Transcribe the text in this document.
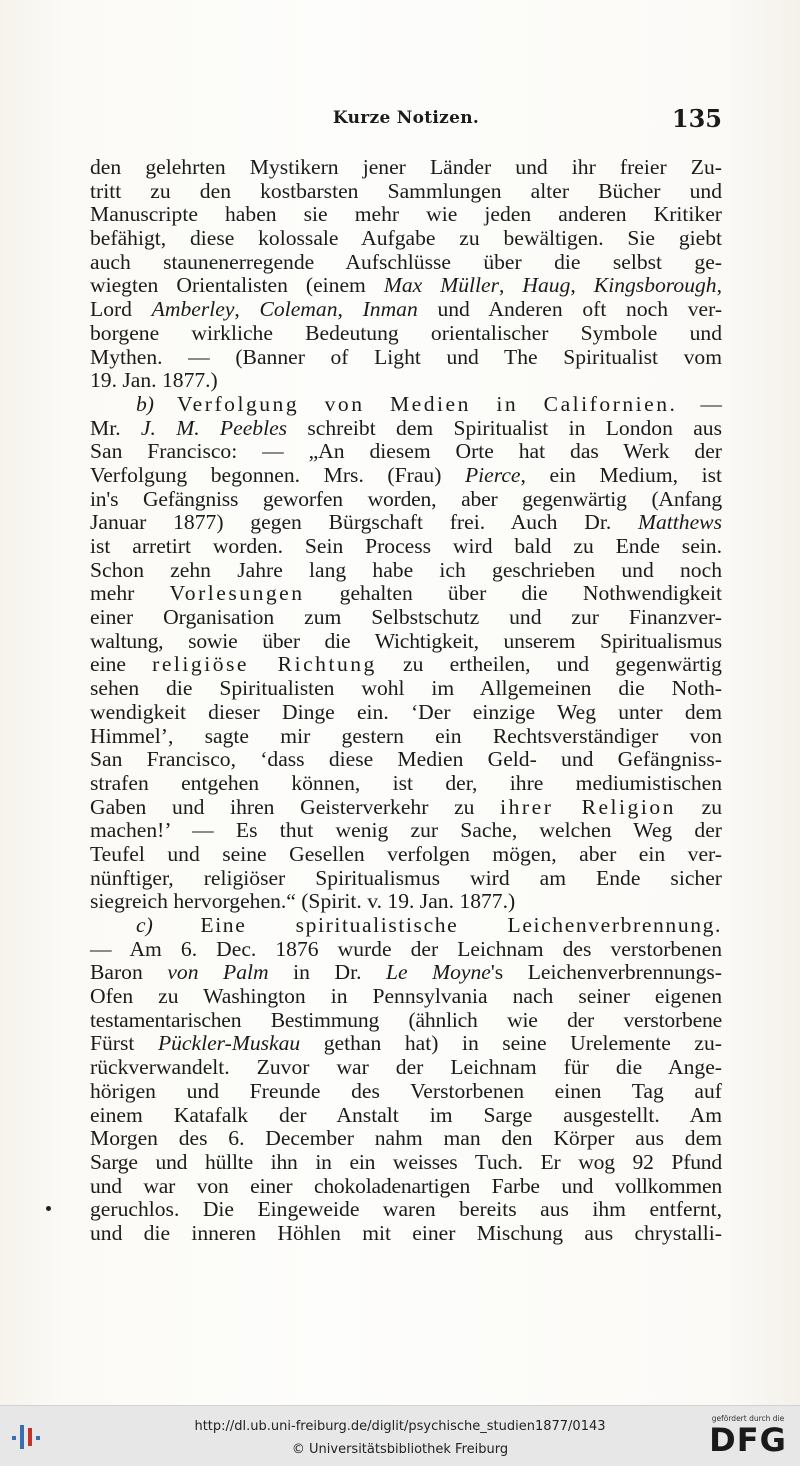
Kurze Notizen.	135
den gelehrten Mystikern jener Länder und ihr freier Zu-
tritt zu den kostbarsten Sammlungen alter Bücher und
Manuscripte haben sie mehr wie jeden anderen Kritiker
befähigt, diese kolossale Aufgabe zu bewältigen. Sie giebt
auch staunenerregende Aufschlüsse über die selbst ge-
wiegten Orientalisten (einem Max Müller, Haug, Kingsborough,
Lord Amberley, Coleman, Inman und Anderen oft noch ver-
borgene wirkliche Bedeutung orientalischer Symbole und
Mythen. — (Banner of Light und The Spiritualist vom
19. Jan. 1877.)
b) Verfolgung von Medien in Californien. —
Mr. J. M. Peebles schreibt dem Spiritualist in London aus
San Francisco: — „An diesem Orte hat das Werk der
Verfolgung begonnen. Mrs. (Frau) Pierce, ein Medium, ist
in's Gefängniss geworfen worden, aber gegenwärtig (Anfang
Januar 1877) gegen Bürgschaft frei. Auch Dr. Matthews
ist arretirt worden. Sein Process wird bald zu Ende sein.
Schon zehn Jahre lang habe ich geschrieben und noch
mehr Vorlesungen gehalten über die Nothwendigkeit
einer Organisation zum Selbstschutz und zur Finanzver-
waltung, sowie über die Wichtigkeit, unserem Spiritualismus
eine religiöse Richtung zu ertheilen, und gegenwärtig
sehen die Spiritualisten wohl im Allgemeinen die Noth-
wendigkeit dieser Dinge ein. ‘Der einzige Weg unter dem
Himmel’, sagte mir gestern ein Rechtsverständiger von
San Francisco, ‘dass diese Medien Geld- und Gefängniss-
strafen entgehen können, ist der, ihre mediumistischen
Gaben und ihren Geisterverkehr zu ihrer Religion zu
machen!’ — Es thut wenig zur Sache, welchen Weg der
Teufel und seine Gesellen verfolgen mögen, aber ein ver-
nünftiger, religiöser Spiritualismus wird am Ende sicher
siegreich hervorgehen.“ (Spirit. v. 19. Jan. 1877.)
c) Eine spiritualistische Leichenverbrennung.
— Am 6. Dec. 1876 wurde der Leichnam des verstorbenen
Baron von Palm in Dr. Le Moyne's Leichenverbrennungs-
Ofen zu Washington in Pennsylvania nach seiner eigenen
testamentarischen Bestimmung (ähnlich wie der verstorbene
Fürst Pückler-Muskau gethan hat) in seine Urelemente zu-
rückverwandelt. Zuvor war der Leichnam für die Ange-
hörigen und Freunde des Verstorbenen einen Tag auf
einem Katafalk der Anstalt im Sarge ausgestellt. Am
Morgen des 6. December nahm man den Körper aus dem
Sarge und hüllte ihn in ein weisses Tuch. Er wog 92 Pfund
und war von einer chokoladenartigen Farbe und vollkommen
geruchlos. Die Eingeweide waren bereits aus ihm entfernt,
und die inneren Höhlen mit einer Mischung aus chrystalli-
http://dl.ub.uni-freiburg.de/diglit/psychische_studien1877/0143
© Universitätsbibliothek Freiburg
gefördert durch die
DFG
